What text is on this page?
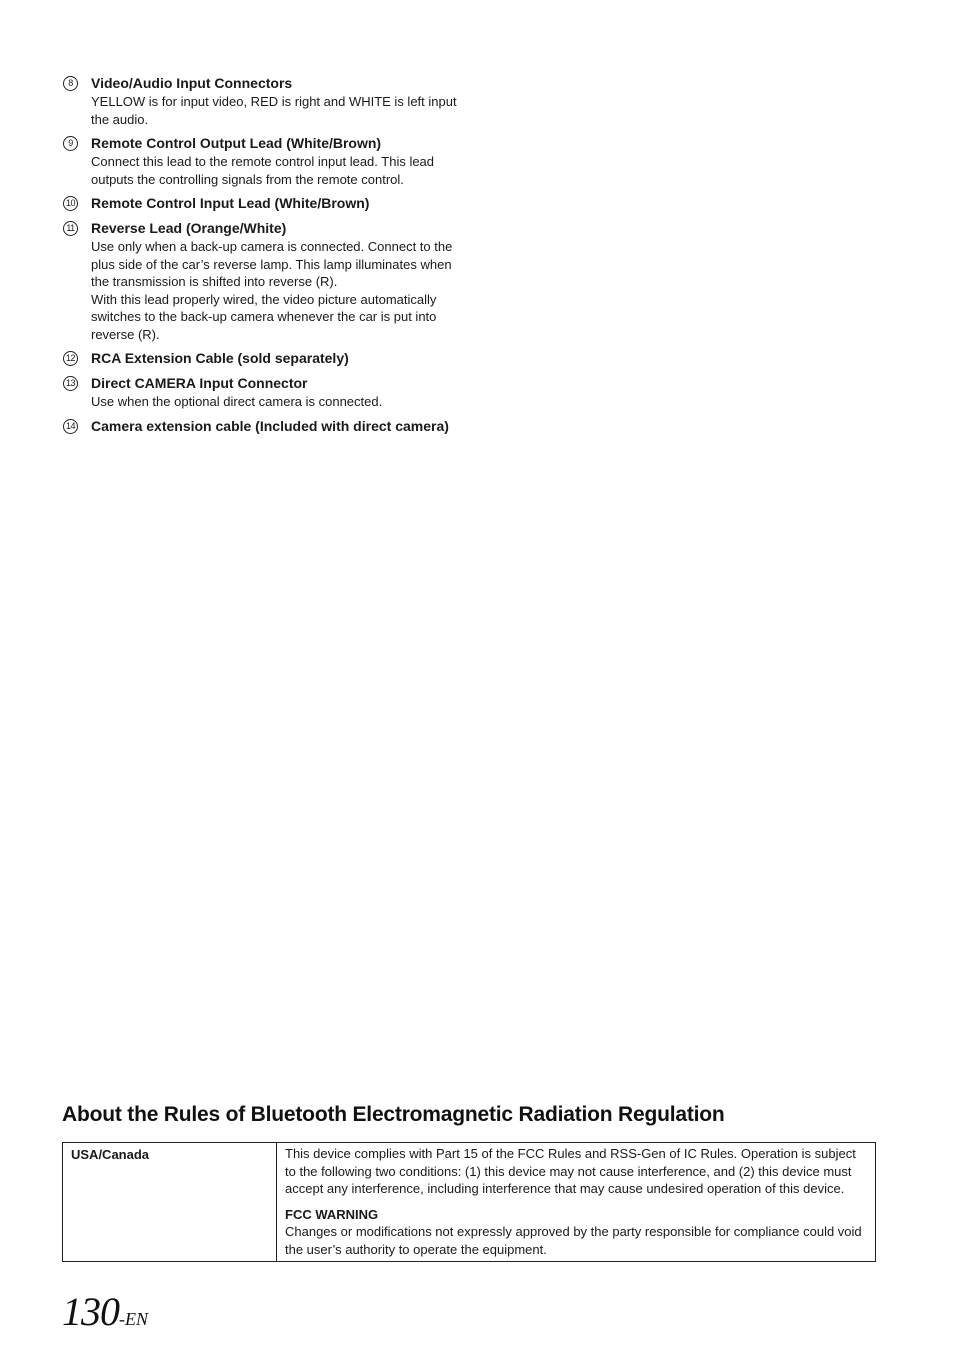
8	Video/Audio Input Connectors

YELLOW is for input video, RED is right and WHITE is left input the audio.

9	Remote Control Output Lead (White/Brown)

Connect this lead to the remote control input lead. This lead outputs the controlling signals from the remote control.

10 Remote Control Input Lead (White/Brown)
11 Reverse Lead (Orange/White)

Use only when a back-up camera is connected. Connect to the plus side of the car’s reverse lamp. This lamp illuminates when the transmission is shifted into reverse (R).

With this lead properly wired, the video picture automatically switches to the back-up camera whenever the car is put into reverse (R).

12 RCA Extension Cable (sold separately)
13 Direct CAMERA Input Connector

Use when the optional direct camera is connected.

14 Camera extension cable (Included with direct camera)
About the Rules of Bluetooth Electromagnetic Radiation Regulation
USA/Canada	This device complies with Part 15 of the FCC Rules and RSS-Gen of IC Rules. Operation is subject to the following two conditions: (1) this device may not cause interference, and (2) this device must accept any interference, including interference that may cause undesired operation of this device.

FCC WARNING

Changes or modifications not expressly approved by the party responsible for compliance could void the user’s authority to operate the equipment.

130-EN
